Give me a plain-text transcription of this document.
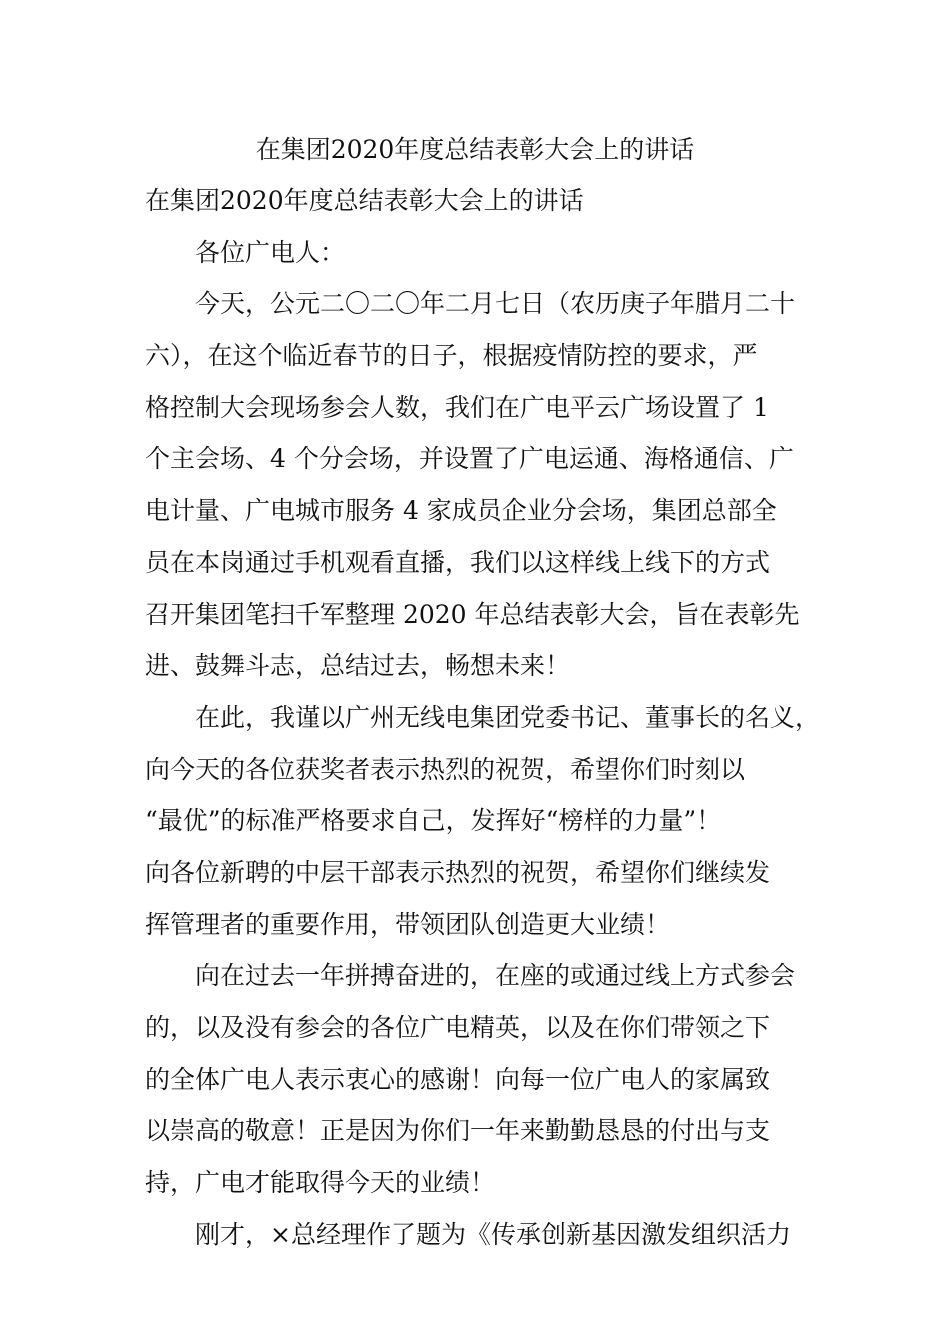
在集团2020年度总结表彰大会上的讲话
在集团2020年度总结表彰大会上的讲话
　　各位广电人：
　　今天，公元二〇二〇年二月七日（农历庚子年腊月二十
六），在这个临近春节的日子，根据疫情防控的要求，严
格控制大会现场参会人数，我们在广电平云广场设置了 1
个主会场、4 个分会场，并设置了广电运通、海格通信、广
电计量、广电城市服务 4 家成员企业分会场，集团总部全
员在本岗通过手机观看直播，我们以这样线上线下的方式
召开集团笔扫千军整理 2020 年总结表彰大会，旨在表彰先
进、鼓舞斗志，总结过去，畅想未来！
　　在此，我谨以广州无线电集团党委书记、董事长的名义，
向今天的各位获奖者表示热烈的祝贺，希望你们时刻以
“最优”的标准严格要求自己，发挥好“榜样的力量”！
向各位新聘的中层干部表示热烈的祝贺，希望你们继续发
挥管理者的重要作用，带领团队创造更大业绩！
　　向在过去一年拼搏奋进的，在座的或通过线上方式参会
的，以及没有参会的各位广电精英，以及在你们带领之下
的全体广电人表示衷心的感谢！向每一位广电人的家属致
以崇高的敬意！正是因为你们一年来勤勤恳恳的付出与支
持，广电才能取得今天的业绩！
　　刚才，×总经理作了题为《传承创新基因激发组织活力
